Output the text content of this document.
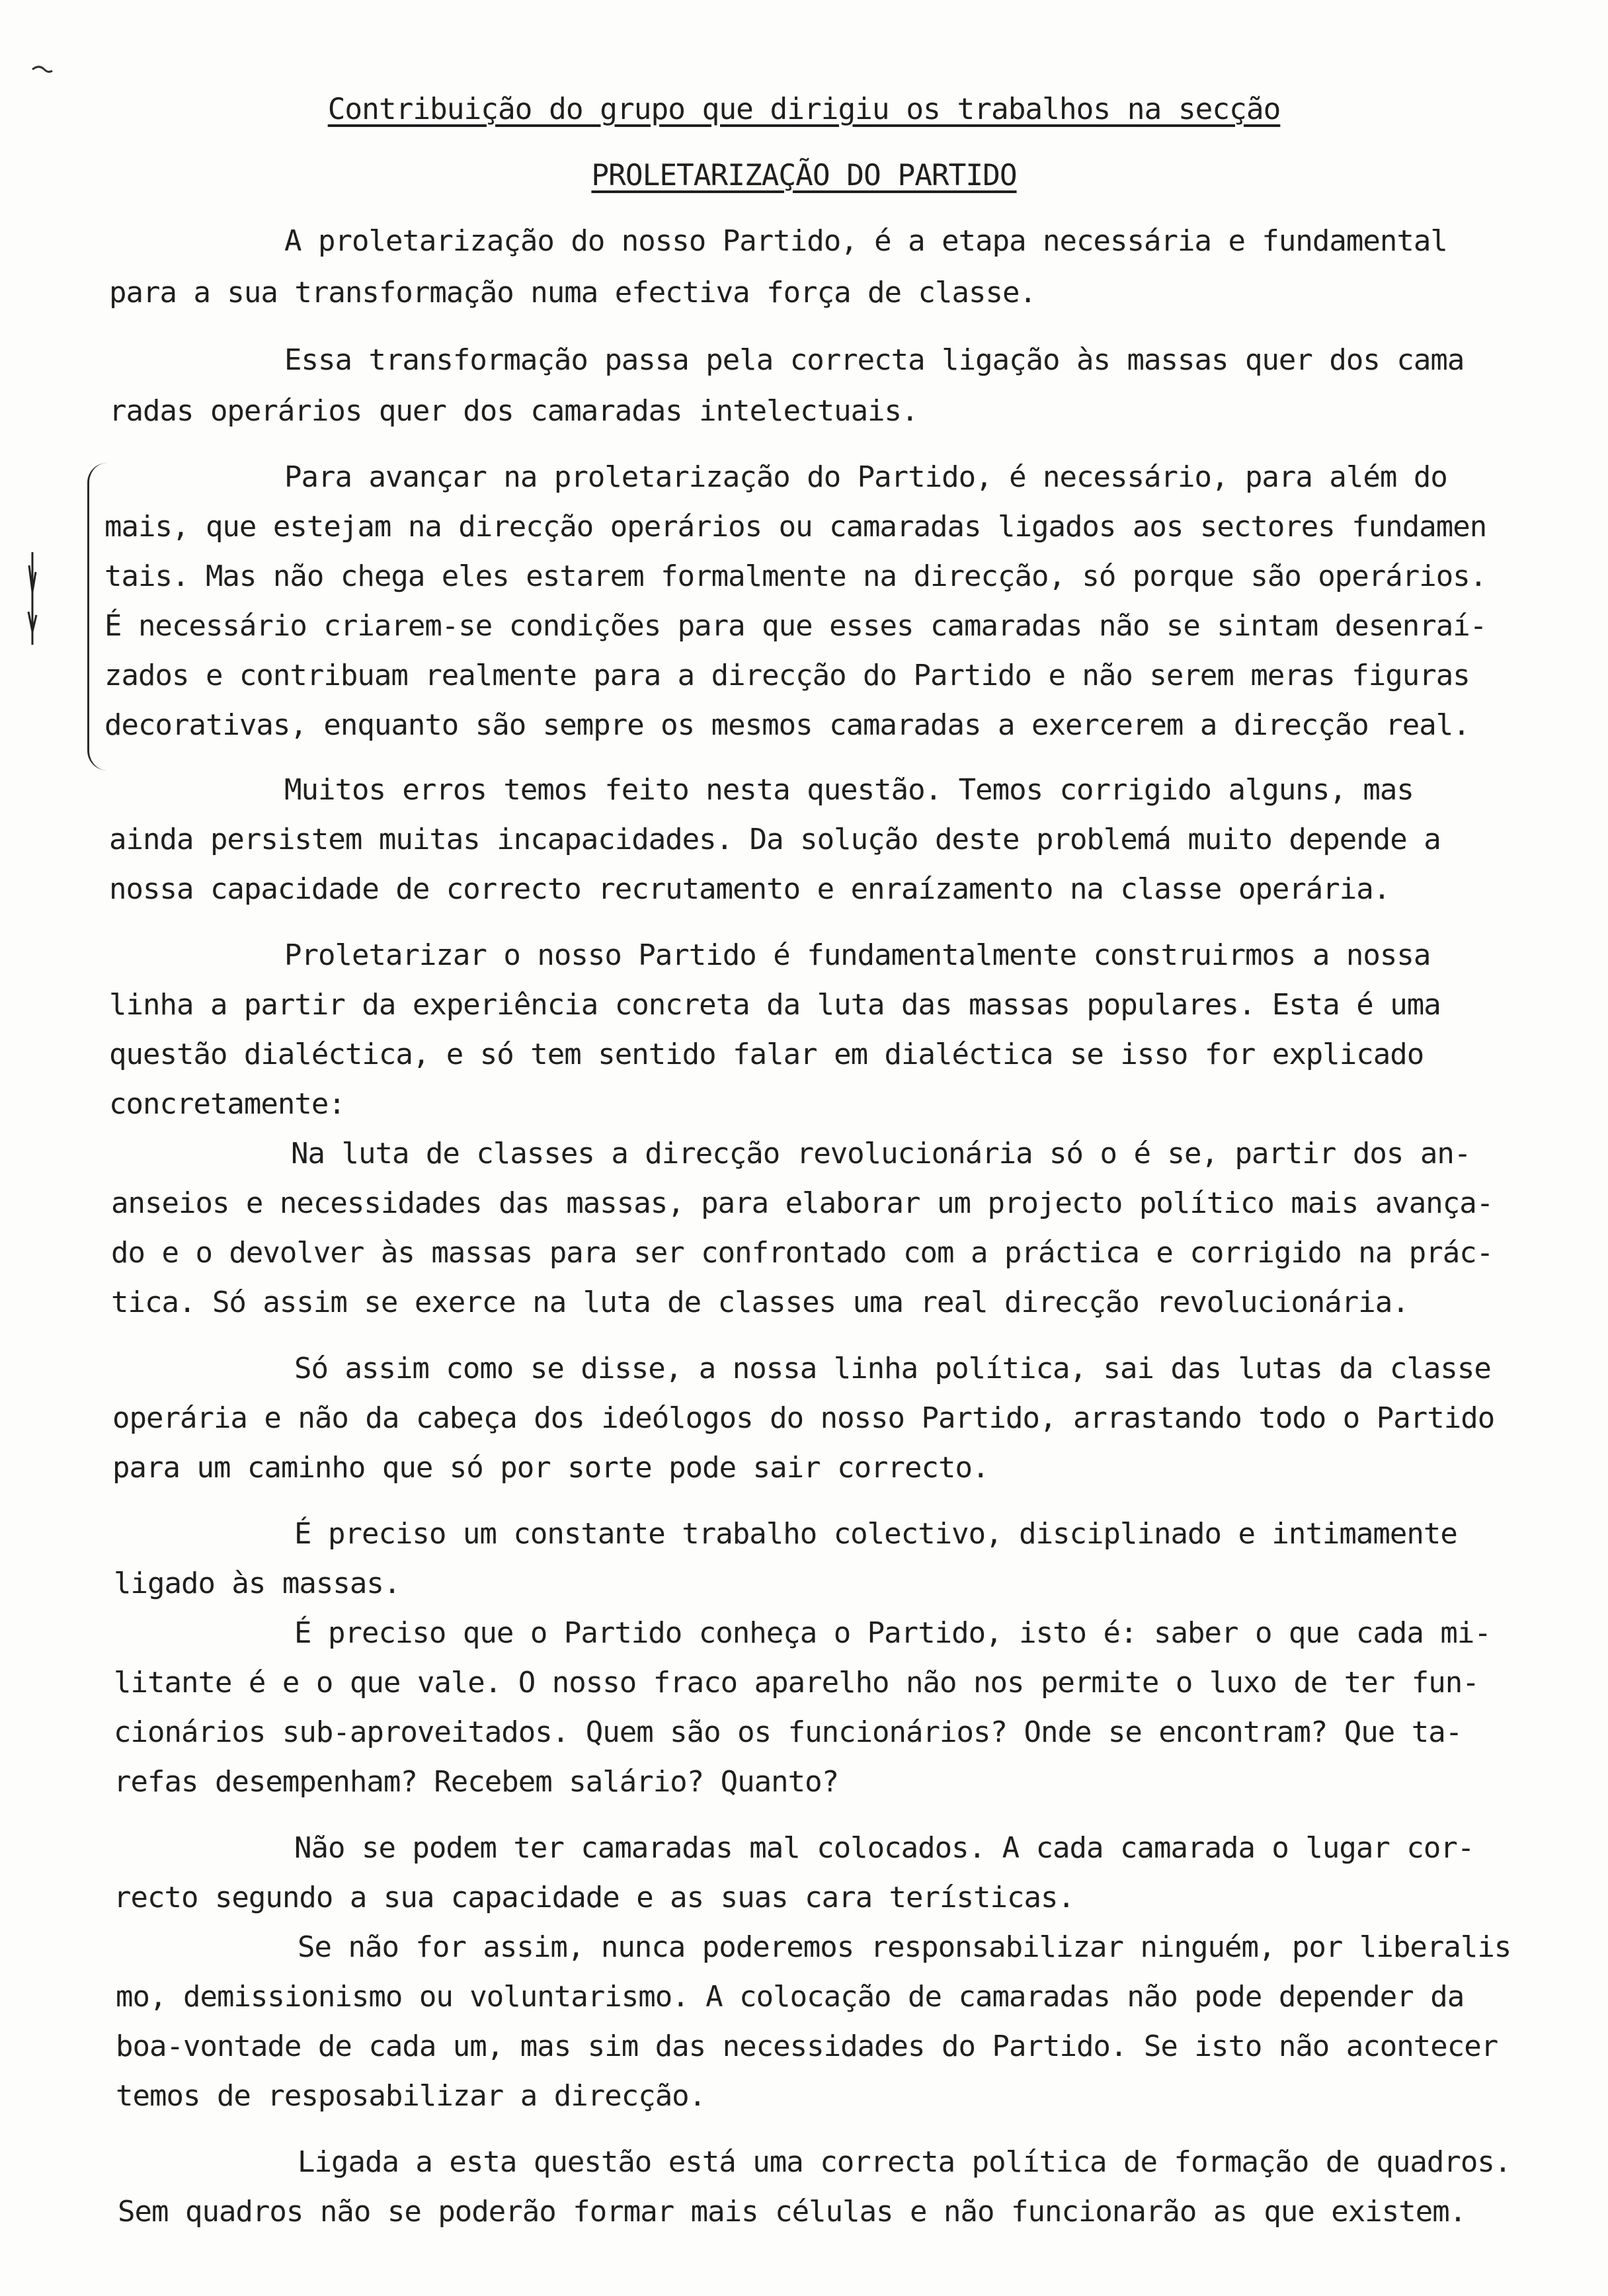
Contribuição do grupo que dirigiu os trabalhos na secção
PROLETARIZAÇÃO DO PARTIDO
A proletarização do nosso Partido, é a etapa necessária e fundamental
para a sua transformação numa efectiva força de classe.
Essa transformação passa pela correcta ligação às massas quer dos cama
radas operários quer dos camaradas intelectuais.
Para avançar na proletarização do Partido, é necessário, para além do
mais, que estejam na direcção operários ou camaradas ligados aos sectores fundamen
tais. Mas não chega eles estarem formalmente na direcção, só porque são operários.
É necessário criarem-se condições para que esses camaradas não se sintam desenraí-
zados e contribuam realmente para a direcção do Partido e não serem meras figuras
decorativas, enquanto são sempre os mesmos camaradas a exercerem a direcção real.
Muitos erros temos feito nesta questão. Temos corrigido alguns, mas
ainda persistem muitas incapacidades. Da solução deste problemá muito depende a
nossa capacidade de correcto recrutamento e enraízamento na classe operária.
Proletarizar o nosso Partido é fundamentalmente construirmos a nossa
linha a partir da experiência concreta da luta das massas populares. Esta é uma
questão dialéctica, e só tem sentido falar em dialéctica se isso for explicado
concretamente:
Na luta de classes a direcção revolucionária só o é se, partir dos an-
anseios e necessidades das massas, para elaborar um projecto político mais avança-
do e o devolver às massas para ser confrontado com a práctica e corrigido na prác-
tica. Só assim se exerce na luta de classes uma real direcção revolucionária.
Só assim como se disse, a nossa linha política, sai das lutas da classe
operária e não da cabeça dos ideólogos do nosso Partido, arrastando todo o Partido
para um caminho que só por sorte pode sair correcto.
É preciso um constante trabalho colectivo, disciplinado e intimamente
ligado às massas.
É preciso que o Partido conheça o Partido, isto é: saber o que cada mi-
litante é e o que vale. O nosso fraco aparelho não nos permite o luxo de ter fun-
cionários sub-aproveitados. Quem são os funcionários? Onde se encontram? Que ta-
refas desempenham? Recebem salário? Quanto?
Não se podem ter camaradas mal colocados. A cada camarada o lugar cor-
recto segundo a sua capacidade e as suas cara terísticas.
Se não for assim, nunca poderemos responsabilizar ninguém, por liberalis
mo, demissionismo ou voluntarismo. A colocação de camaradas não pode depender da
boa-vontade de cada um, mas sim das necessidades do Partido. Se isto não acontecer
temos de resposabilizar a direcção.
Ligada a esta questão está uma correcta política de formação de quadros.
Sem quadros não se poderão formar mais células e não funcionarão as que existem.
